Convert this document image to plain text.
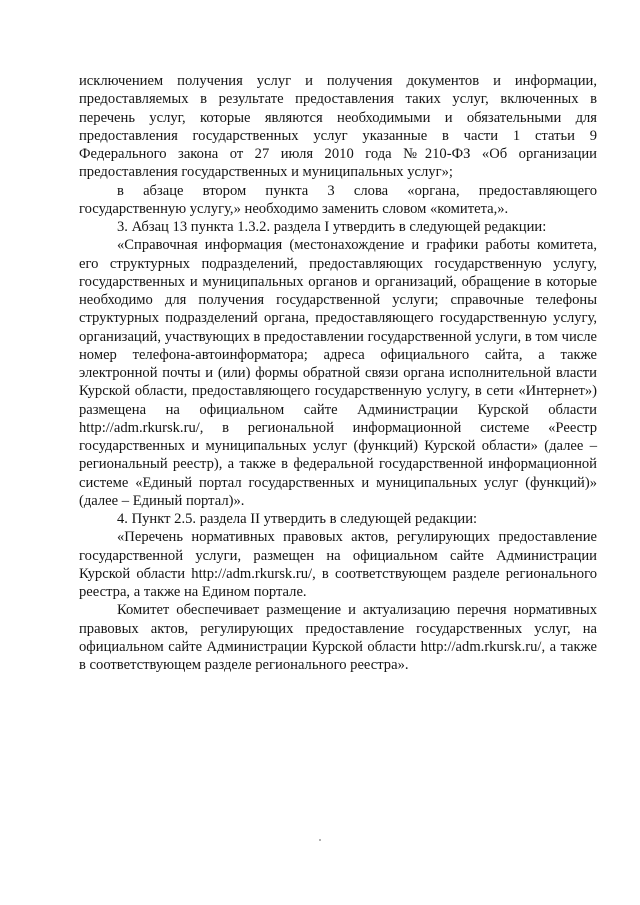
исключением получения услуг и получения документов и информации, предоставляемых в результате предоставления таких услуг, включенных в перечень услуг, которые являются необходимыми и обязательными для предоставления государственных услуг указанные в части 1 статьи 9 Федерального закона от 27 июля 2010 года №210-ФЗ «Об организации предоставления государственных и муниципальных услуг»;

в абзаце втором пункта 3 слова «органа, предоставляющего государственную услугу,» необходимо заменить словом «комитета,».

3. Абзац 13 пункта 1.3.2. раздела I утвердить в следующей редакции:

«Справочная информация (местонахождение и графики работы комитета, его структурных подразделений, предоставляющих государственную услугу, государственных и муниципальных органов и организаций, обращение в которые необходимо для получения государственной услуги; справочные телефоны структурных подразделений органа, предоставляющего государственную услугу, организаций, участвующих в предоставлении государственной услуги, в том числе номер телефона-автоинформатора; адреса официального сайта, а также электронной почты и (или) формы обратной связи органа исполнительной власти Курской области, предоставляющего государственную услугу, в сети «Интернет») размещена на официальном сайте Администрации Курской области http://adm.rkursk.ru/, в региональной информационной системе «Реестр государственных и муниципальных услуг (функций) Курской области» (далее – региональный реестр), а также в федеральной государственной информационной системе «Единый портал государственных и муниципальных услуг (функций)» (далее – Единый портал)».

4. Пункт 2.5. раздела II утвердить в следующей редакции:

«Перечень нормативных правовых актов, регулирующих предоставление государственной услуги, размещен на официальном сайте Администрации Курской области http://adm.rkursk.ru/, в соответствующем разделе регионального реестра, а также на Едином портале.

Комитет обеспечивает размещение и актуализацию перечня нормативных правовых актов, регулирующих предоставление государственных услуг, на официальном сайте Администрации Курской области http://adm.rkursk.ru/, а также в соответствующем разделе регионального реестра».
